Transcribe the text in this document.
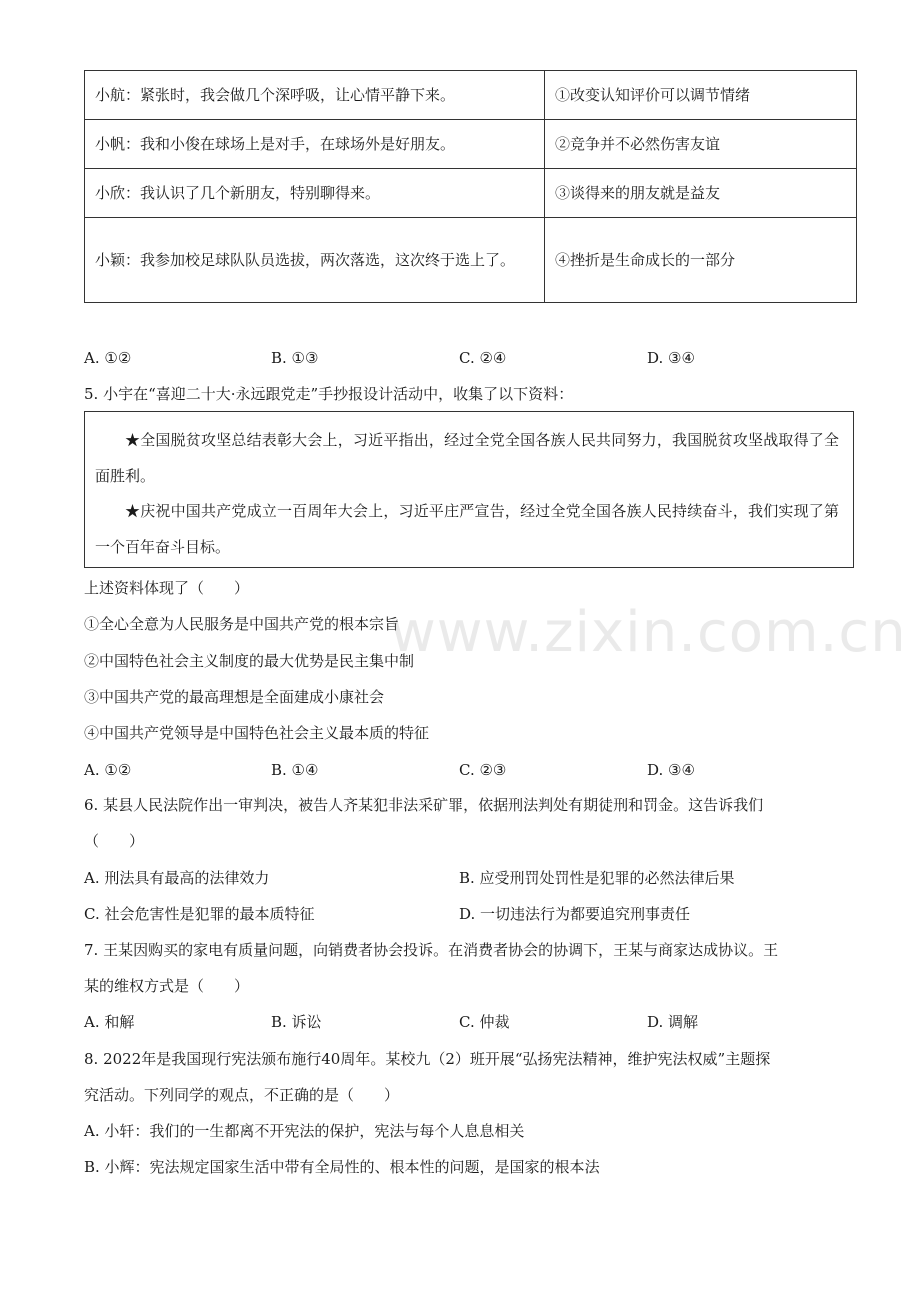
小航：紧张时，我会做几个深呼吸，让心情平静下来。	①改变认知评价可以调节情绪
小帆：我和小俊在球场上是对手，在球场外是好朋友。	②竞争并不必然伤害友谊
小欣：我认识了几个新朋友，特别聊得来。	③谈得来的朋友就是益友
小颖：我参加校足球队队员选拔，两次落选，这次终于选上了。	④挫折是生命成长的一部分
A. ①②	B. ①③	C. ②④	D. ③④
5. 小宇在“喜迎二十大·永远跟党走”手抄报设计活动中，收集了以下资料：
★全国脱贫攻坚总结表彰大会上，习近平指出，经过全党全国各族人民共同努力，我国脱贫攻坚战取得了全面胜利。
★庆祝中国共产党成立一百周年大会上，习近平庄严宣告，经过全党全国各族人民持续奋斗，我们实现了第一个百年奋斗目标。
上述资料体现了（　　）
①全心全意为人民服务是中国共产党的根本宗旨
②中国特色社会主义制度的最大优势是民主集中制
③中国共产党的最高理想是全面建成小康社会
④中国共产党领导是中国特色社会主义最本质的特征
A. ①②	B. ①④	C. ②③	D. ③④
6. 某县人民法院作出一审判决，被告人齐某犯非法采矿罪，依据刑法判处有期徒刑和罚金。这告诉我们
（　　）
A. 刑法具有最高的法律效力	B. 应受刑罚处罚性是犯罪的必然法律后果
C. 社会危害性是犯罪的最本质特征	D. 一切违法行为都要追究刑事责任
7. 王某因购买的家电有质量问题，向销费者协会投诉。在消费者协会的协调下，王某与商家达成协议。王
某的维权方式是（　　）
A. 和解	B. 诉讼	C. 仲裁	D. 调解
8. 2022年是我国现行宪法颁布施行40周年。某校九（2）班开展“弘扬宪法精神，维护宪法权威”主题探
究活动。下列同学的观点，不正确的是（　　）
A. 小轩：我们的一生都离不开宪法的保护，宪法与每个人息息相关
B. 小辉：宪法规定国家生活中带有全局性的、根本性的问题，是国家的根本法
www.zixin.com.cn
